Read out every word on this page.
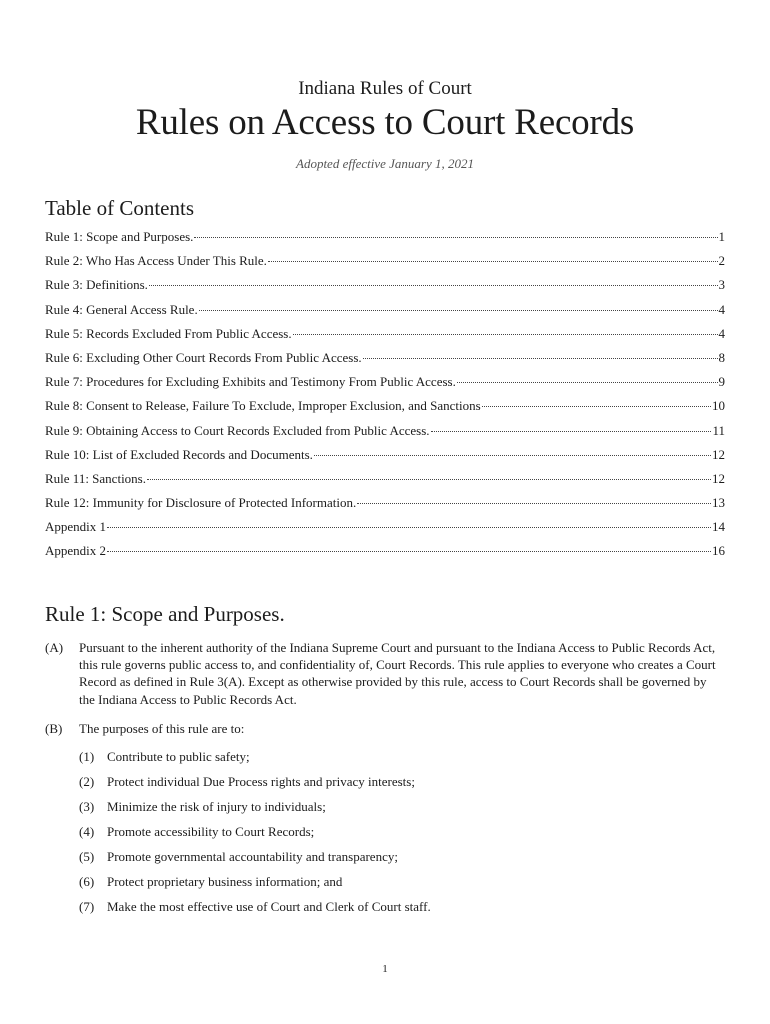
Indiana Rules of Court
Rules on Access to Court Records
Adopted effective January 1, 2021
Table of Contents
Rule 1: Scope and Purposes.	1
Rule 2: Who Has Access Under This Rule.	2
Rule 3: Definitions.	3
Rule 4: General Access Rule.	4
Rule 5: Records Excluded From Public Access.	4
Rule 6: Excluding Other Court Records From Public Access.	8
Rule 7: Procedures for Excluding Exhibits and Testimony From Public Access.	9
Rule 8: Consent to Release, Failure To Exclude, Improper Exclusion, and Sanctions	10
Rule 9: Obtaining Access to Court Records Excluded from Public Access.	11
Rule 10: List of Excluded Records and Documents.	12
Rule 11: Sanctions.	12
Rule 12: Immunity for Disclosure of Protected Information.	13
Appendix 1	14
Appendix 2	16
Rule 1: Scope and Purposes.
(A)	Pursuant to the inherent authority of the Indiana Supreme Court and pursuant to the Indiana Access to Public Records Act, this rule governs public access to, and confidentiality of, Court Records. This rule applies to everyone who creates a Court Record as defined in Rule 3(A). Except as otherwise provided by this rule, access to Court Records shall be governed by the Indiana Access to Public Records Act.
(B)	The purposes of this rule are to:
(1) Contribute to public safety;
(2) Protect individual Due Process rights and privacy interests;
(3) Minimize the risk of injury to individuals;
(4) Promote accessibility to Court Records;
(5) Promote governmental accountability and transparency;
(6) Protect proprietary business information; and
(7) Make the most effective use of Court and Clerk of Court staff.
1
